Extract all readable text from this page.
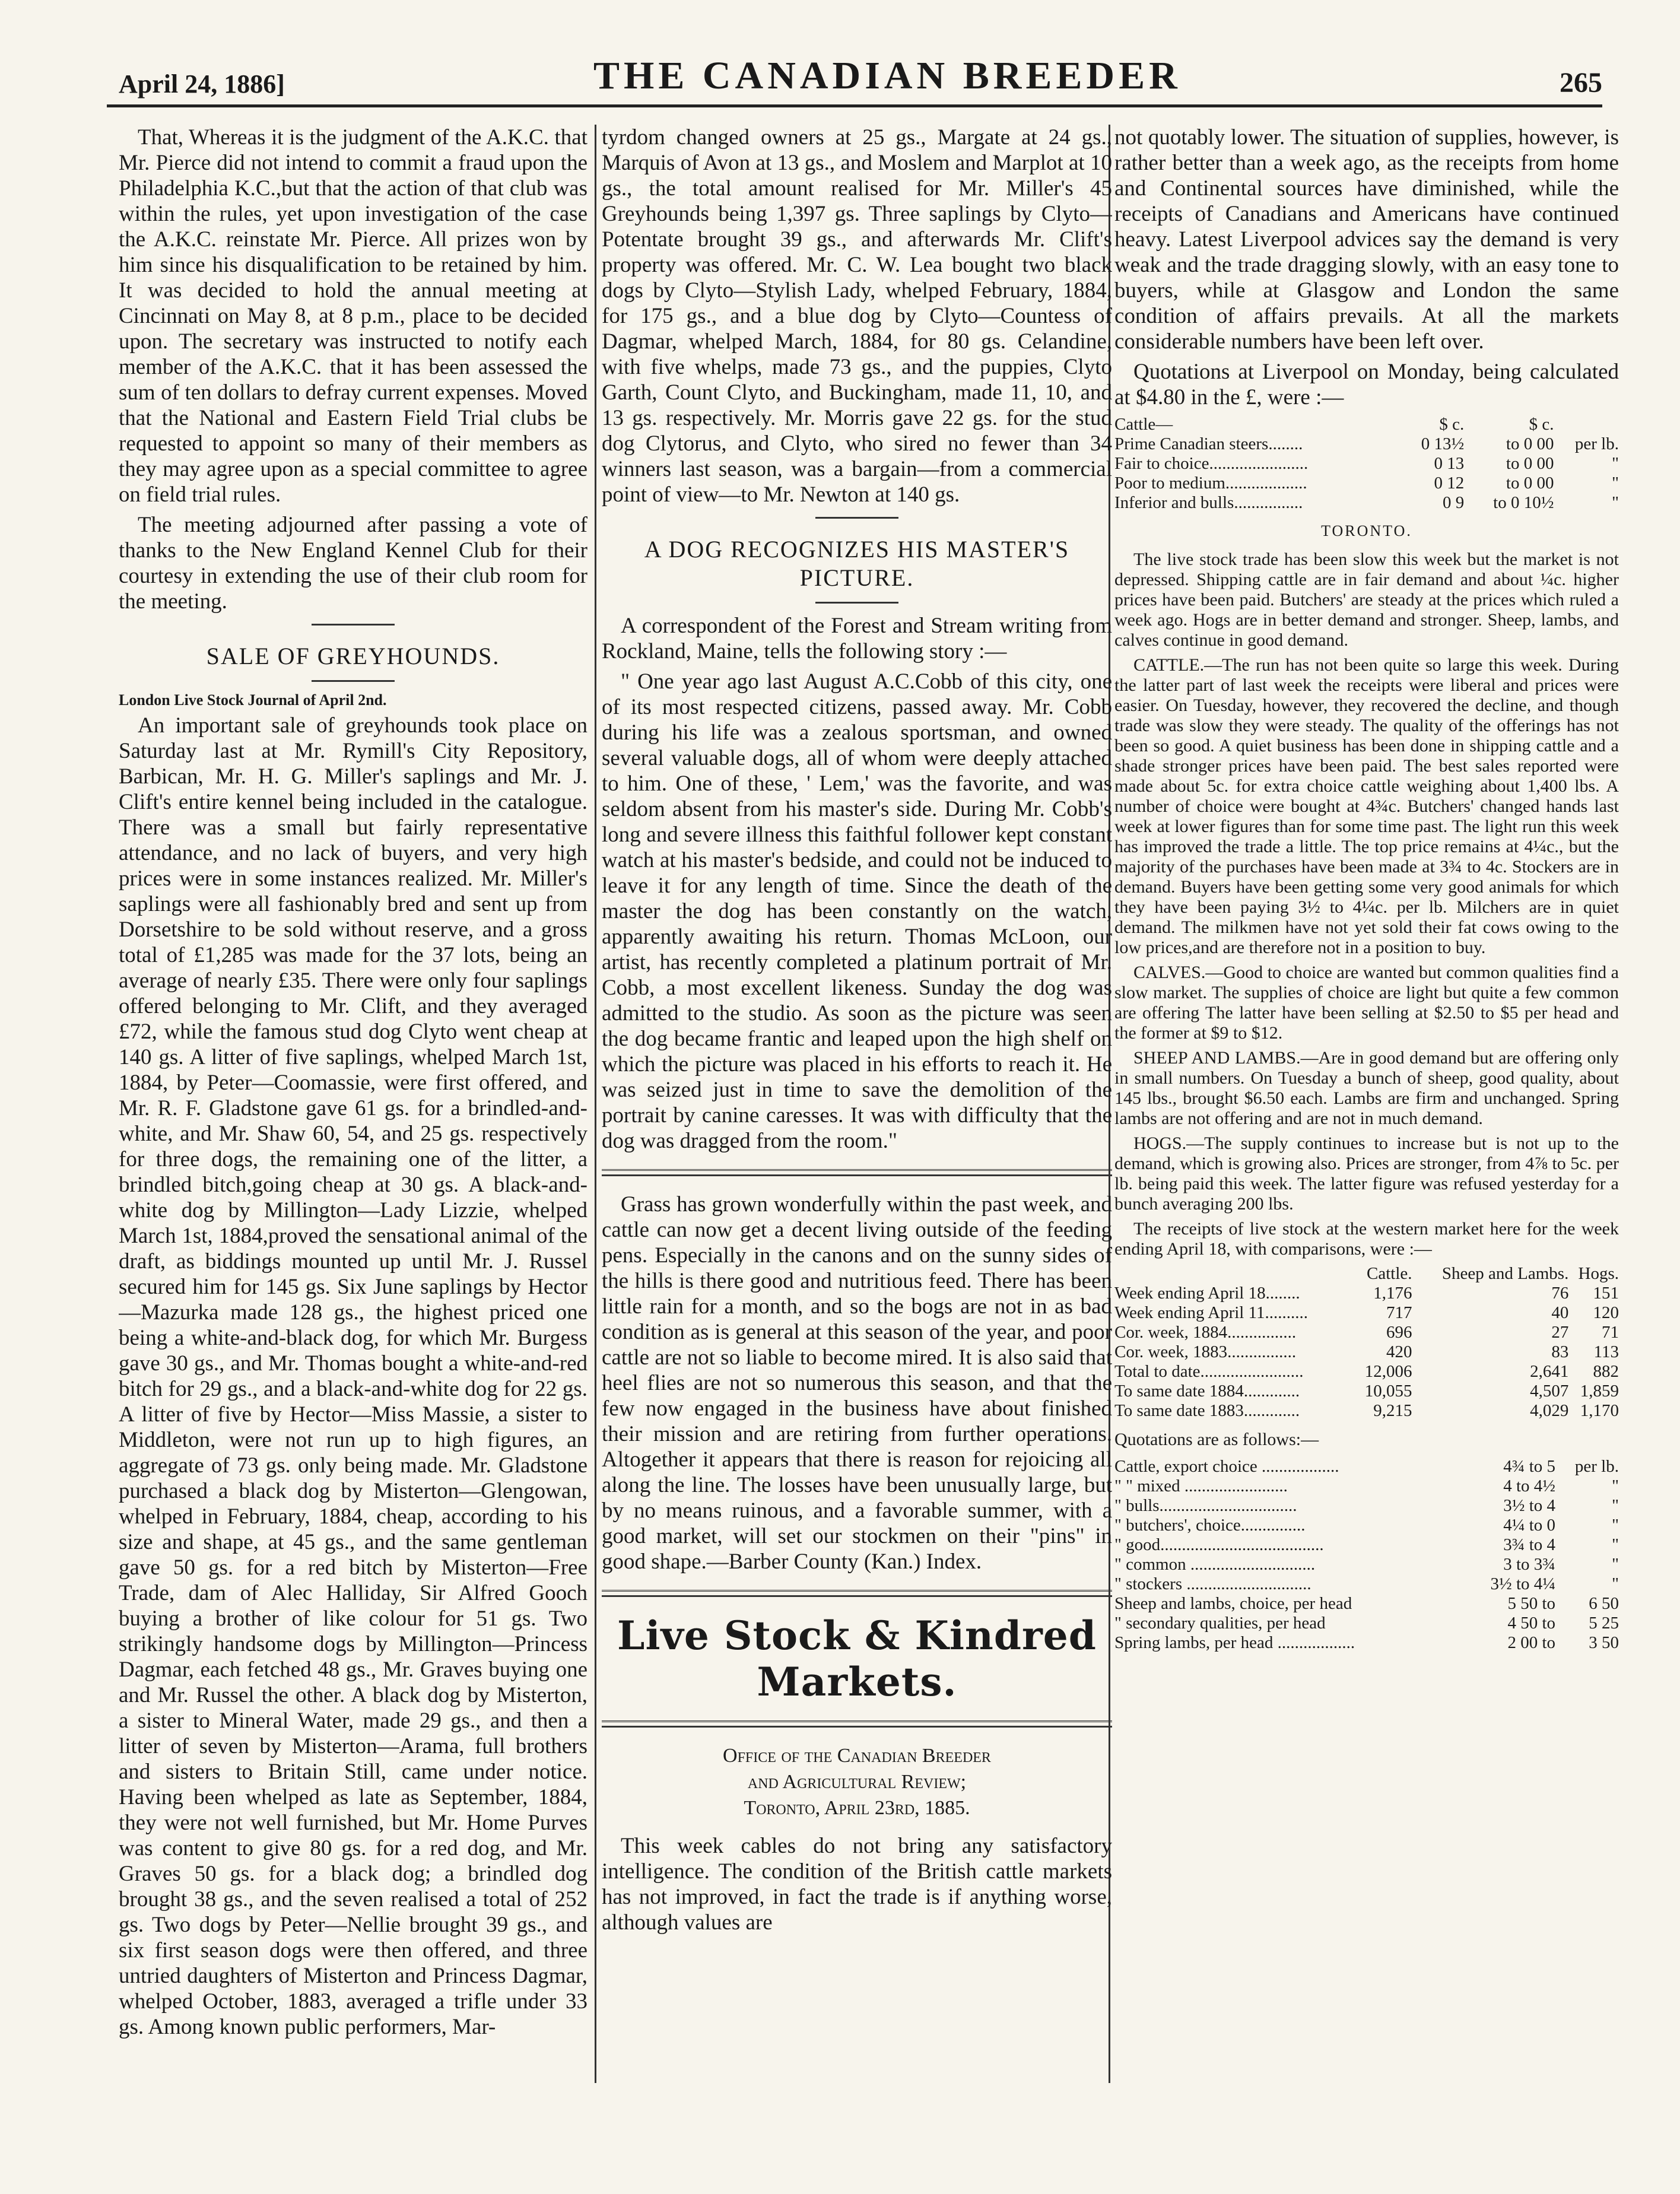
April 24, 1886]	THE CANADIAN BREEDER	265

That, Whereas it is the judgment of the A.K.C. that Mr. Pierce did not intend to commit a fraud upon the Philadelphia K.C.,but that the action of that club was within the rules, yet upon investigation of the case the A.K.C. reinstate Mr. Pierce. All prizes won by him since his disqualification to be retained by him. It was decided to hold the annual meeting at Cincinnati on May 8, at 8 p.m., place to be decided upon. The secretary was instructed to notify each member of the A.K.C. that it has been assessed the sum of ten dollars to defray current expenses. Moved that the National and Eastern Field Trial clubs be requested to appoint so many of their members as they may agree upon as a special committee to agree on field trial rules.

The meeting adjourned after passing a vote of thanks to the New England Kennel Club for their courtesy in extending the use of their club room for the meeting.

SALE OF GREYHOUNDS.
London Live Stock Journal of April 2nd.

An important sale of greyhounds took place on Saturday last at Mr. Rymill's City Repository, Barbican, Mr. H. G. Miller's saplings and Mr. J. Clift's entire kennel being included in the catalogue. There was a small but fairly representative attendance, and no lack of buyers, and very high prices were in some instances realized. Mr. Miller's saplings were all fashionably bred and sent up from Dorsetshire to be sold without reserve, and a gross total of £1,285 was made for the 37 lots, being an average of nearly £35. There were only four saplings offered belonging to Mr. Clift, and they averaged £72, while the famous stud dog Clyto went cheap at 140 gs. A litter of five saplings, whelped March 1st, 1884, by Peter—Coomassie, were first offered, and Mr. R. F. Gladstone gave 61 gs. for a brindled-and-white, and Mr. Shaw 60, 54, and 25 gs. respectively for three dogs, the remaining one of the litter, a brindled bitch,going cheap at 30 gs. A black-and-white dog by Millington—Lady Lizzie, whelped March 1st, 1884,proved the sensational animal of the draft, as biddings mounted up until Mr. J. Russel secured him for 145 gs. Six June saplings by Hector—Mazurka made 128 gs., the highest priced one being a white-and-black dog, for which Mr. Burgess gave 30 gs., and Mr. Thomas bought a white-and-red bitch for 29 gs., and a black-and-white dog for 22 gs. A litter of five by Hector—Miss Massie, a sister to Middleton, were not run up to high figures, an aggregate of 73 gs. only being made. Mr. Gladstone purchased a black dog by Misterton—Glengowan, whelped in February, 1884, cheap, according to his size and shape, at 45 gs., and the same gentleman gave 50 gs. for a red bitch by Misterton—Free Trade, dam of Alec Halliday, Sir Alfred Gooch buying a brother of like colour for 51 gs. Two strikingly handsome dogs by Millington—Princess Dagmar, each fetched 48 gs., Mr. Graves buying one and Mr. Russel the other. A black dog by Misterton, a sister to Mineral Water, made 29 gs., and then a litter of seven by Misterton—Arama, full brothers and sisters to Britain Still, came under notice. Having been whelped as late as September, 1884, they were not well furnished, but Mr. Home Purves was content to give 80 gs. for a red dog, and Mr. Graves 50 gs. for a black dog; a brindled dog brought 38 gs., and the seven realised a total of 252 gs. Two dogs by Peter—Nellie brought 39 gs., and six first season dogs were then offered, and three untried daughters of Misterton and Princess Dagmar, whelped October, 1883, averaged a trifle under 33 gs. Among known public performers, Mar-

tyrdom changed owners at 25 gs., Margate at 24 gs., Marquis of Avon at 13 gs., and Moslem and Marplot at 10 gs., the total amount realised for Mr. Miller's 45 Greyhounds being 1,397 gs. Three saplings by Clyto—Potentate brought 39 gs., and afterwards Mr. Clift's property was offered. Mr. C. W. Lea bought two black dogs by Clyto—Stylish Lady, whelped February, 1884, for 175 gs., and a blue dog by Clyto—Countess of Dagmar, whelped March, 1884, for 80 gs. Celandine, with five whelps, made 73 gs., and the puppies, Clyto Garth, Count Clyto, and Buckingham, made 11, 10, and 13 gs. respectively. Mr. Morris gave 22 gs. for the stud dog Clytorus, and Clyto, who sired no fewer than 34 winners last season, was a bargain—from a commercial point of view—to Mr. Newton at 140 gs.

A DOG RECOGNIZES HIS MASTER'S PICTURE.

A correspondent of the Forest and Stream writing from Rockland, Maine, tells the following story :—

" One year ago last August A.C.Cobb of this city, one of its most respected citizens, passed away. Mr. Cobb during his life was a zealous sportsman, and owned several valuable dogs, all of whom were deeply attached to him. One of these, ' Lem,' was the favorite, and was seldom absent from his master's side. During Mr. Cobb's long and severe illness this faithful follower kept constant watch at his master's bedside, and could not be induced to leave it for any length of time. Since the death of the master the dog has been constantly on the watch, apparently awaiting his return. Thomas McLoon, our artist, has recently completed a platinum portrait of Mr. Cobb, a most excellent likeness. Sunday the dog was admitted to the studio. As soon as the picture was seen the dog became frantic and leaped upon the high shelf on which the picture was placed in his efforts to reach it. He was seized just in time to save the demolition of the portrait by canine caresses. It was with difficulty that the dog was dragged from the room."

Grass has grown wonderfully within the past week, and cattle can now get a decent living outside of the feeding pens. Especially in the canons and on the sunny sides of the hills is there good and nutritious feed. There has been little rain for a month, and so the bogs are not in as bad condition as is general at this season of the year, and poor cattle are not so liable to become mired. It is also said that heel flies are not so numerous this season, and that the few now engaged in the business have about finished their mission and are retiring from further operations. Altogether it appears that there is reason for rejoicing all along the line. The losses have been unusually large, but by no means ruinous, and a favorable summer, with a good market, will set our stockmen on their "pins" in good shape.—Barber County (Kan.) Index.

Live Stock & Kindred Markets.
Office of the Canadian Breeder
and Agricultural Review;
Toronto, April 23rd, 1885.

This week cables do not bring any satisfactory intelligence. The condition of the British cattle markets has not improved, in fact the trade is if anything worse, although values are

not quotably lower. The situation of supplies, however, is rather better than a week ago, as the receipts from home and Continental sources have diminished, while the receipts of Canadians and Americans have continued heavy. Latest Liverpool advices say the demand is very weak and the trade dragging slowly, with an easy tone to buyers, while at Glasgow and London the same condition of affairs prevails. At all the markets considerable numbers have been left over.

Quotations at Liverpool on Monday, being calculated at $4.80 in the £, were :—

Cattle—	$ c.	$ c.	
Prime Canadian steers........	0 13½	to 0 00	per lb.
Fair to choice.......................	0 13	to 0 00	"
Poor to medium...................	0 12	to 0 00	"
Inferior and bulls................	0 9	to 0 10½	"
TORONTO.

The live stock trade has been slow this week but the market is not depressed. Shipping cattle are in fair demand and about ¼c. higher prices have been paid. Butchers' are steady at the prices which ruled a week ago. Hogs are in better demand and stronger. Sheep, lambs, and calves continue in good demand.

CATTLE.—The run has not been quite so large this week. During the latter part of last week the receipts were liberal and prices were easier. On Tuesday, however, they recovered the decline, and though trade was slow they were steady. The quality of the offerings has not been so good. A quiet business has been done in shipping cattle and a shade stronger prices have been paid. The best sales reported were made about 5c. for extra choice cattle weighing about 1,400 lbs. A number of choice were bought at 4¾c. Butchers' changed hands last week at lower figures than for some time past. The light run this week has improved the trade a little. The top price remains at 4¼c., but the majority of the purchases have been made at 3¾ to 4c. Stockers are in demand. Buyers have been getting some very good animals for which they have been paying 3½ to 4¼c. per lb. Milchers are in quiet demand. The milkmen have not yet sold their fat cows owing to the low prices,and are therefore not in a position to buy.

CALVES.—Good to choice are wanted but common qualities find a slow market. The supplies of choice are light but quite a few common are offering The latter have been selling at $2.50 to $5 per head and the former at $9 to $12.

SHEEP AND LAMBS.—Are in good demand but are offering only in small numbers. On Tuesday a bunch of sheep, good quality, about 145 lbs., brought $6.50 each. Lambs are firm and unchanged. Spring lambs are not offering and are not in much demand.

HOGS.—The supply continues to increase but is not up to the demand, which is growing also. Prices are stronger, from 4⅞ to 5c. per lb. being paid this week. The latter figure was refused yesterday for a bunch averaging 200 lbs.

The receipts of live stock at the western market here for the week ending April 18, with comparisons, were :—

	Cattle.	Sheep and Lambs.	Hogs.
Week ending April 18........	1,176	76	151
Week ending April 11..........	717	40	120
Cor. week, 1884................	696	27	71
Cor. week, 1883................	420	83	113
Total to date........................	12,006	2,641	882
To same date 1884.............	10,055	4,507	1,859
To same date 1883.............	9,215	4,029	1,170

Quotations are as follows:—

Cattle, export choice ..................	4¾ to 5	per lb.
" " mixed ........................	4 to 4½	"
" bulls................................	3½ to 4	"
" butchers', choice...............	4¼ to 0	"
" good......................................	3¾ to 4	"
" common .............................	3 to 3¾	"
" stockers .............................	3½ to 4¼	"
Sheep and lambs, choice, per head	5 50 to	6 50
" secondary qualities, per head	4 50 to	5 25
Spring lambs, per head ..................	2 00 to	3 50
